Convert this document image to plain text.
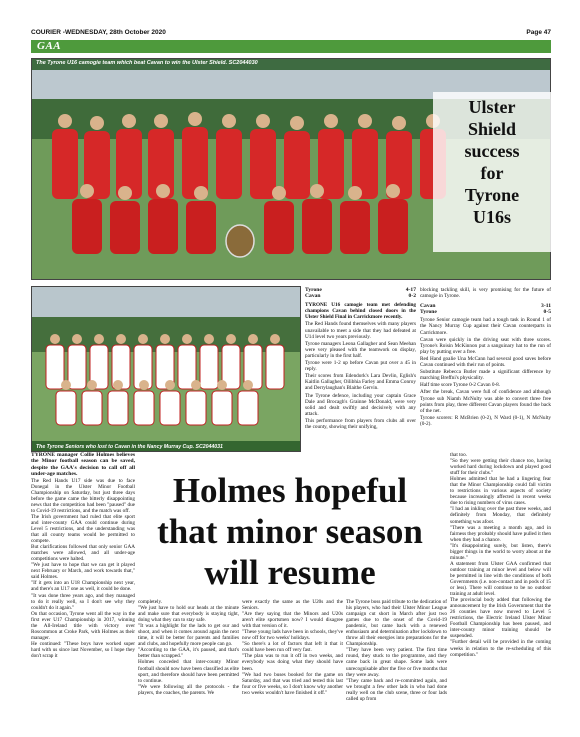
COURIER -WEDNESDAY, 28th October 2020	Page 47
GAA
The Tyrone U16 camogie team which beat Cavan to win the Ulster Shield. SC2044030
Ulster
Shield
success
for
Tyrone
U16s
The Tyrone Seniors who lost to Cavan in the Nancy Murray Cup. SC2044031
Tyrone	4-17
Cavan	0-2

TYRONE U16 camogie team met defending champions Cavan behind closed doors in the Ulster Shield Final in Carrickmore recently.

The Red Hands found themselves with many players unavailable to meet a side that they had defeated at U14 level two years previously.

Tyrone managers Leona Gallagher and Sean Meehan were very pleased with the teamwork on display, particularly in the first half.

Tyrone were 1-2 up before Cavan put over a 45 in reply.

Their scores from Edendork's Lara Devlin, Eglish's Kaitlin Gallagher, Oilibhia Farley and Emma Conroy and Derrylaughan's Blaithe Gervin.

The Tyrone defence, including your captain Grace Dale and Brocagh's Grainne McDonald, were very solid and dealt swiftly and decisively with any attack.

This performance from players from clubs all over the county, showing their unifying,

blocking tackling skill, is very promising for the future of camogie in Tyrone.

Cavan	3-11
Tyrone	0-5

Tyrone Senior camogie team had a tough task in Round 1 of the Nancy Murray Cup against their Cavan counterparts in Carrickmore.

Cavan were quickly in the driving seat with three scores. Tyrone's Roisin McKinnon put a sanguinary hat to the run of play by putting over a free.

Red Hand goalie Una McCann had several good saves before Cavan continued with their run of points.

Substitute Rebecca Butler made a significant difference by marching Breffni's physicality.

Half time score Tyrone 0-2 Cavan 0-8.

After the break, Cavan were full of confidence and although Tyrone sub Niamh McNulty was able to convert three free points from play, three different Cavan players found the back of the net.

Tyrone scorers: R McBrien (0-2), N Ward (0-1), N McNulty (0-2).

Holmes hopeful that minor season will resume

TYRONE manager Collie Holmes believes the Minor football season can be saved, despite the GAA's decision to call off all under-age matches.

The Red Hands U17 side was due to face Donegal in the Ulster Minor Football Championship on Saturday, but just three days before the game came the bitterly disappointing news that the competition had been "paused" due to Covid-19 restrictions, and the match was off.

The Irish government had ruled that elite sport and inter-county GAA could continue during Level 5 restrictions, and the understanding was that all county teams would be permitted to compete.

But clarifications followed that only senior GAA matches were allowed, and all under-age competitions were halted.

"We just have to hope that we can get it played next February or March, and work towards that," said Holmes.

"If it gets into an U18 Championship next year, and there's an U17 one as well, it could be done.

"It was done three years ago, and they managed to do it really well, so I don't see why they couldn't do it again."

On that occasion, Tyrone went all the way in the first ever U17 Championship in 2017, winning the All-Ireland title with victory over Roscommon at Croke Park, with Holmes as their manager.

He continued: "These boys have worked super hard with us since last November, so I hope they don't scrap it

completely.

"We just have to hold our heads at the minute and make sure that everybody is staying tight, doing what they can to stay safe.

"It was a highlight for the lads to get our and shoot, and when it comes around again the next time, it will be better for parents and families and clubs, and hopefully more people can go.

"According to the GAA, it's paused, and that's better than scrapped."

Holmes conceded that inter-county Minor football should now have been classified as elite sport, and therefore should have been permitted to continue.

"We were following all the protocols - the players, the coaches, the parents. We

were exactly the same as the U20s and the Seniors.

"Are they saying that the Minors and U20s aren't elite sportsmen now? I would disagree with that version of it.

"These young lads have been in schools, they've now off for two weeks' holidays.

"So there's a lot of factors that left it that it could have been run off very fast.

"The plan was to run it off in two weeks, and everybody was doing what they should have been.

"We had two buses booked for the game on Saturday, and that was tried and tested this last four or five weeks, so I don't know why another two weeks wouldn't have finished it off."

The Tyrone boss paid tribute to the dedication of his players, who had their Ulster Minor League campaign cut short in March after just two games due to the onset of the Covid-19 pandemic, but came back with a renewed enthusiasm and determination after lockdown to throw all their energies into preparations for the Championship.

"They have been very patient. The first time round, they stuck to the programme, and they came back in great shape. Some lads were unrecognisable after the five or five months that they were away.

"They came back and re-committed again, and we brought a few other lads in who had done really well on the club scene, three or four lads called up from

that too.

"So they were getting their chance too, having worked hard during lockdown and played good stuff for their clubs."

Holmes admitted that he had a lingering fear that the Minor Championship could fall victim to restrictions in various aspects of society because increasingly affected in recent weeks due to rising numbers of virus cases.

"I had an inkling over the past three weeks, and definitely from Monday, that definitely something was afoot.

"There was a meeting a month ago, and in fairness they probably should have pulled it then when they had a chance.

"It's disappointing surely, but listen, there's bigger things in the world to worry about at the minute."

A statement from Ulster GAA confirmed that outdoor training at minor level and below will be permitted in line with the conditions of both Governments (i.e. non-contact and in pods of 15 or less). There will continue to be no outdoor training at adult level.

The provincial body added that following the announcement by the Irish Government that the 26 counties have now moved to Level 5 restrictions, the Electric Ireland Ulster Minor Football Championship has been paused, and inter-county minor training should be suspended.

"Further detail will be provided in the coming weeks in relation to the re-scheduling of this competition."
